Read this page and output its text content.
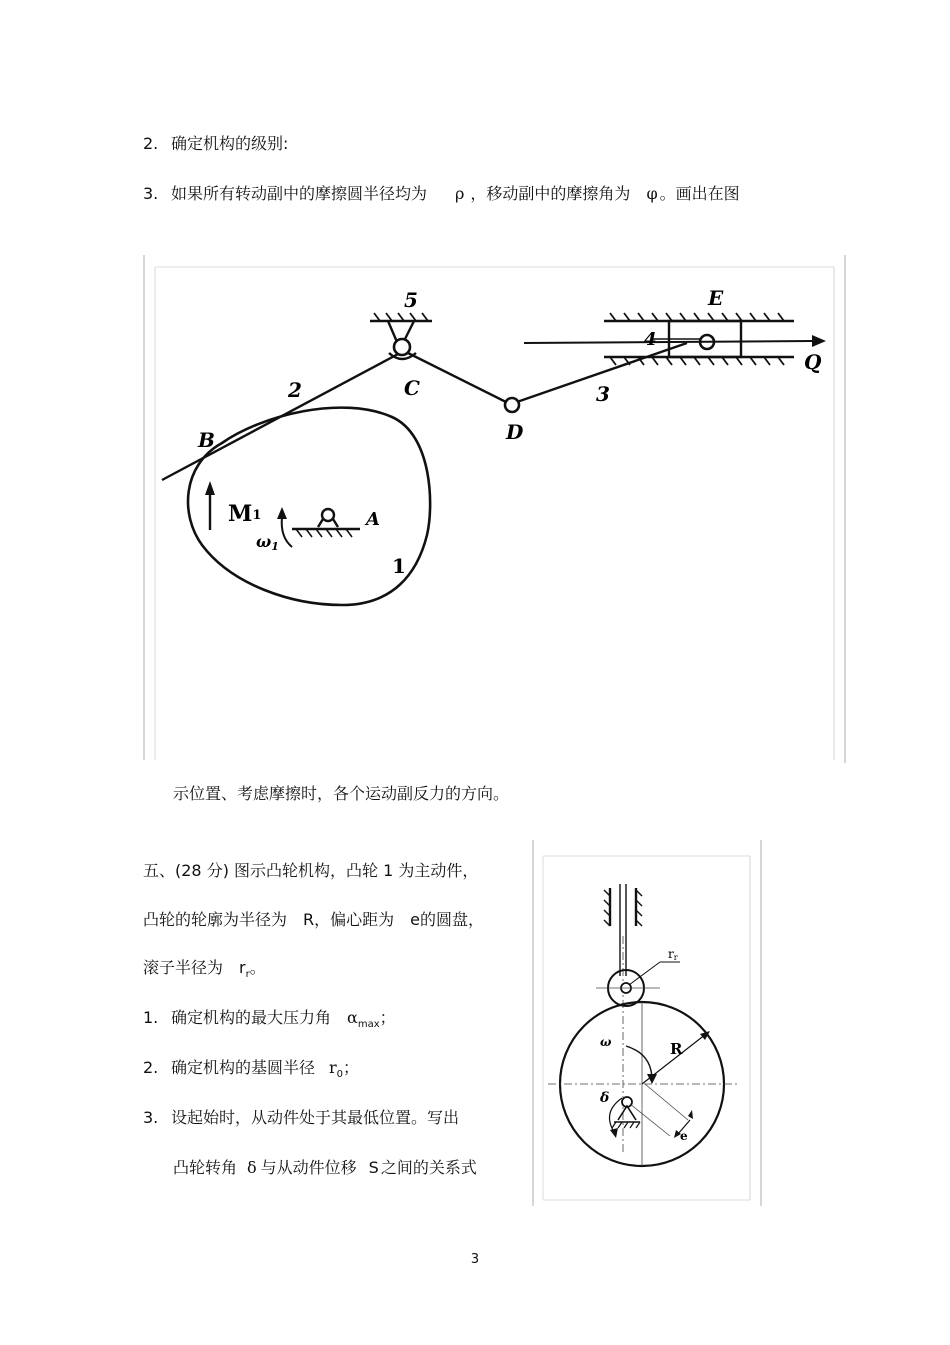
2. 确定机构的级别:
3. 如果所有转动副中的摩擦圆半径均为 ρ ，移动副中的摩擦角为 φ 。画出在图
5	E
4
Q
2	C	3
D
B
M1
ω1
A
1
示位置、考虑摩擦时，各个运动副反力的方向。
五、(28 分) 图示凸轮机构，凸轮 1 为主动件，
凸轮的轮廓为半径为　R，偏心距为　e的圆盘，
滚子半径为　$r_r$。
1. 确定机构的最大压力角 $\alpha_{max}$；
2. 确定机构的基圆半径 $r_0$；
3. 设起始时，从动件处于其最低位置。写出
凸轮转角 δ 与从动件位移 S 之间的关系式
rr
ω	R
δ
e
3
